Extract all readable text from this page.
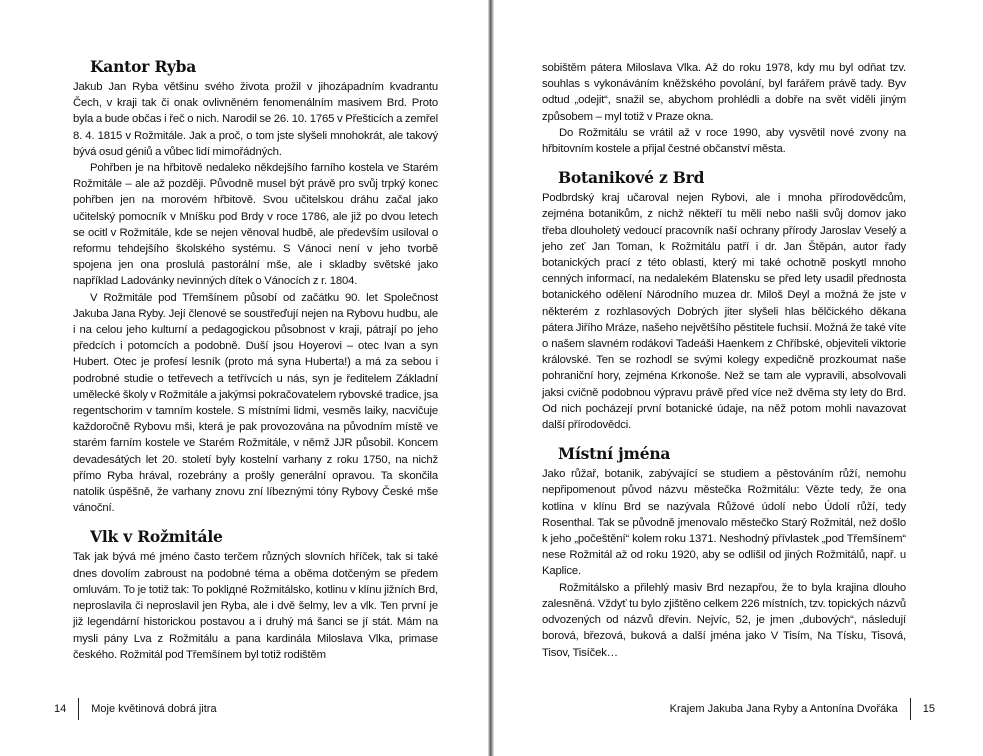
Kantor Ryba

Jakub Jan Ryba většinu svého života prožil v jihozápadním kvadrantu Čech, v kraji tak či onak ovlivněném fenomenálním masivem Brd. Proto byla a bude občas i řeč o nich. Narodil se 26. 10. 1765 v Přešticích a zemřel 8. 4. 1815 v Rožmitále. Jak a proč, o tom jste slyšeli mnohokrát, ale takový bývá osud géniů a vůbec lidí mimořádných.

Pohřben je na hřbitově nedaleko někdejšího farního kostela ve Starém Rožmitále – ale až později. Původně musel být právě pro svůj trpký konec pohřben jen na morovém hřbitově. Svou učitelskou dráhu začal jako učitelský pomocník v Mníšku pod Brdy v roce 1786, ale již po dvou letech se ocitl v Rožmitále, kde se nejen věnoval hudbě, ale především usiloval o reformu tehdejšího školského systému. S Vánoci není v jeho tvorbě spojena jen ona proslulá pastorální mše, ale i skladby světské jako například Ladovánky nevinných dítek o Vánocích z r. 1804.

V Rožmitále pod Třemšínem působí od začátku 90. let Společnost Jakuba Jana Ryby. Její členové se soustřeďují nejen na Rybovu hudbu, ale i na celou jeho kulturní a pedagogickou působnost v kraji, pátrají po jeho předcích i potomcích a podobně. Duší jsou Hoyerovi – otec Ivan a syn Hubert. Otec je profesí lesník (proto má syna Huberta!) a má za sebou i podrobné studie o tetřevech a tetřívcích u nás, syn je ředitelem Základní umělecké školy v Rožmitále a jakýmsi pokračovatelem rybovské tradice, jsa regentschorim v tamním kostele. S místními lidmi, vesměs laiky, nacvičuje každoročně Rybovu mši, která je pak provozována na původním místě ve starém farním kostele ve Starém Rožmitále, v němž JJR působil. Koncem devadesátých let 20. století byly kostelní varhany z roku 1750, na nichž přímo Ryba hrával, rozebrány a prošly generální opravou. Ta skončila natolik úspěšně, že varhany znovu zní líbeznými tóny Rybovy České mše vánoční.

Vlk v Rožmitále

Tak jak bývá mé jméno často terčem různých slovních hříček, tak si také dnes dovolím zabroust na podobné téma a oběma dotčeným se předem omluvám. To je totiž tak: To pokliдné Rožmitálsko, kotlinu v klínu jižních Brd, neproslavila či neproslavil jen Ryba, ale i dvě šelmy, lev a vlk. Ten první je již legendární historickou postavou a i druhý má šanci se jí stát. Mám na mysli pány Lva z Rožmitálu a pana kardinála Miloslava Vlka, primase českého. Rožmitál pod Třemšínem byl totiž rodištěm

14 Moje květinová dobrá jitra

sobištěm pátera Miloslava Vlka. Až do roku 1978, kdy mu byl odňat tzv. souhlas s vykonáváním kněžského povolání, byl farářem právě tady. Byv odtud „odejit“, snažil se, abychom prohlédli a dobře na svět viděli jiným způsobem – myl totiž v Praze okna.

Do Rožmitálu se vrátil až v roce 1990, aby vysvětil nové zvony na hřbitovním kostele a přijal čestné občanství města.

Botanikové z Brd

Podbrdský kraj učaroval nejen Rybovi, ale i mnoha přírodovědcům, zejména botanikům, z nichž někteří tu měli nebo našli svůj domov jako třeba dlouholetý vedoucí pracovník naší ochrany přírody Jaroslav Veselý a jeho zeť Jan Toman, k Rožmitálu patří i dr. Jan Štěpán, autor řady botanických prací z této oblasti, který mi také ochotně poskytl mnoho cenných informací, na nedalekém Blatensku se před lety usadil přednosta botanického odělení Národního muzea dr. Miloš Deyl a možná že jste v některém z rozhlasových Dobrých jiter slyšeli hlas bělčického děkana pátera Jiřího Mráze, našeho největšího pěstitele fuchsií. Možná že také víte o našem slavném rodákovi Tadeáši Haenkem z Chříbské, objeviteli viktorie královské. Ten se rozhodl se svými kolegy expedičně prozkoumat naše pohraniční hory, zejména Krkonoše. Než se tam ale vypravili, absolvovali jaksi cvičně podobnou výpravu právě před více než dvěma sty lety do Brd. Od nich pocházejí první botanické údaje, na něž potom mohli navazovat další přírodovědci.

Místní jména

Jako růžař, botanik, zabývající se studiem a pěstováním růží, nemohu nepřipomenout původ názvu městečka Rožmitálu: Vězte tedy, že ona kotlina v klínu Brd se nazývala Růžové údolí nebo Údolí růží, tedy Rosenthal. Tak se původně jmenovalo městečko Starý Rožmitál, než došlo k jeho „počeštění“ kolem roku 1371. Neshodný přívlastek „pod Třemšínem“ nese Rožmitál až od roku 1920, aby se odlišil od jiných Rožmitálů, např. u Kaplice.

Rožmitálsko a přilehlý masiv Brd nezapřou, že to byla krajina dlouho zalesněná. Vždyť tu bylo zjištěno celkem 226 místních, tzv. topických názvů odvozených od názvů dřevin. Nejvíc, 52, je jmen „dubových“, následují borová, březová, buková a další jména jako V Tisím, Na Tísku, Tisová, Tisov, Tisíček…

Krajem Jakuba Jana Ryby a Antonína Dvořáka 15
